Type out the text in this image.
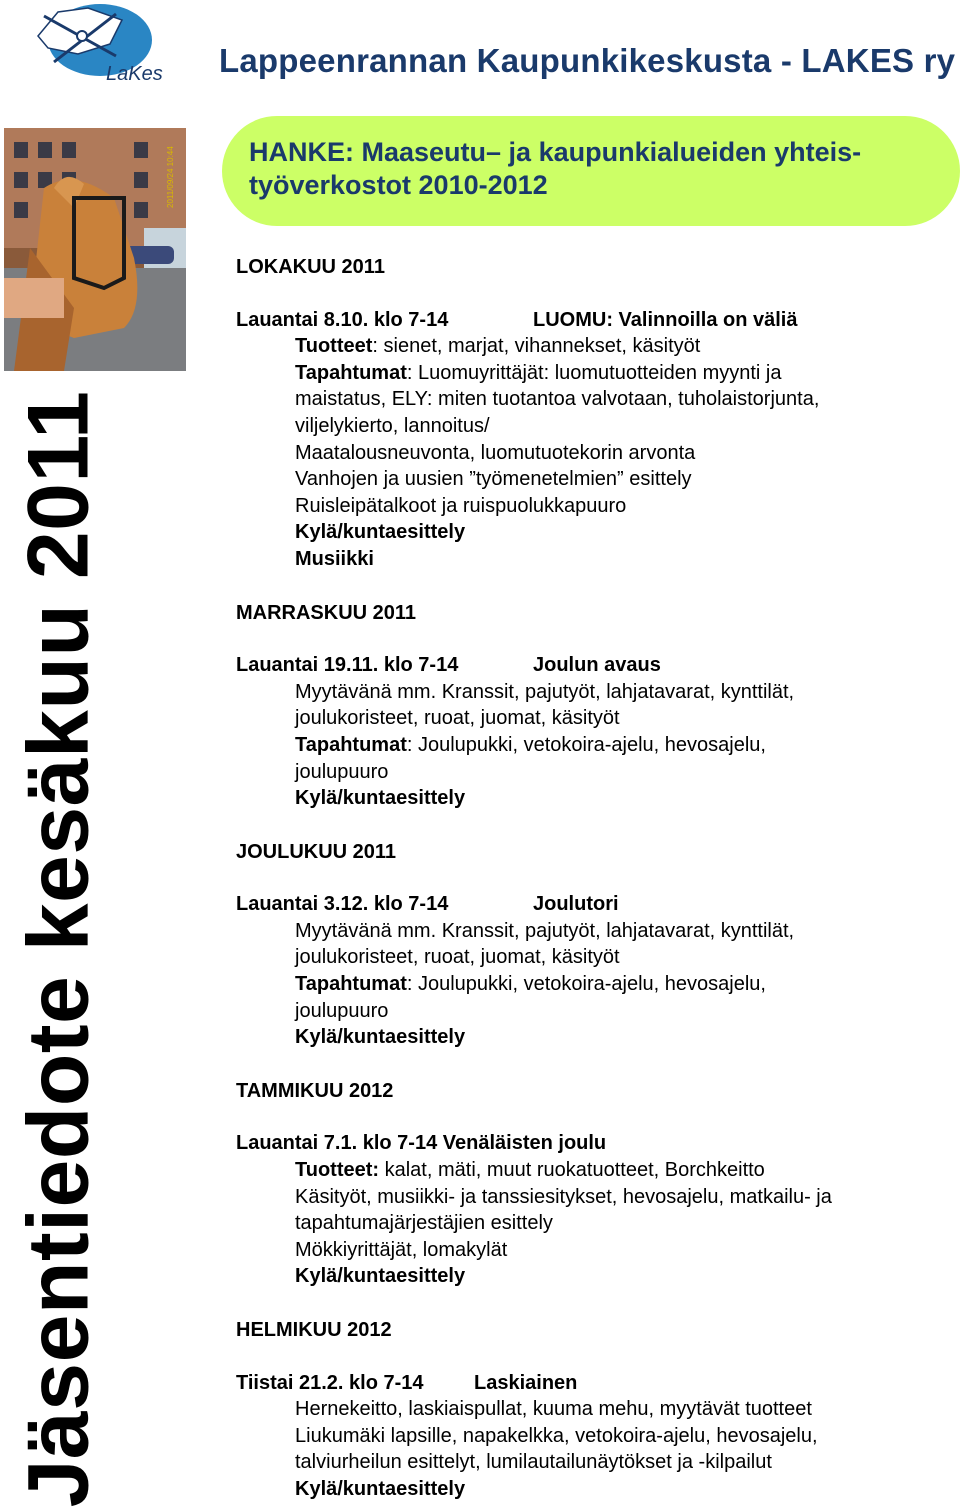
LaKes Lappeenrannan Kaupunkikeskusta - LAKES ry
2011/09/24 10:44	HANKE: Maaseutu– ja kaupunkialueiden yhteis-työverkostot 2010-2012

Jäsentiedote kesäkuu 2011

LOKAKUU 2011

Lauantai 8.10. klo 7-14	LUOMU: Valinnoilla on väliä
Tuotteet: sienet, marjat, vihannekset, käsityöt
Tapahtumat: Luomuyrittäjät: luomutuotteiden myynti ja
maistatus, ELY: miten tuotantoa valvotaan, tuholaistorjunta,
viljelykierto, lannoitus/
Maatalousneuvonta, luomutuotekorin arvonta
Vanhojen ja uusien ”työmenetelmien” esittely
Ruisleipätalkoot ja ruispuolukkapuuro
Kylä/kuntaesittely
Musiikki

MARRASKUU 2011

Lauantai 19.11. klo 7-14	Joulun avaus
Myytävänä mm. Kranssit, pajutyöt, lahjatavarat, kynttilät,
joulukoristeet, ruoat, juomat, käsityöt
Tapahtumat: Joulupukki, vetokoira-ajelu, hevosajelu,
joulupuuro
Kylä/kuntaesittely

JOULUKUU 2011

Lauantai 3.12. klo 7-14	Joulutori
Myytävänä mm. Kranssit, pajutyöt, lahjatavarat, kynttilät,
joulukoristeet, ruoat, juomat, käsityöt
Tapahtumat: Joulupukki, vetokoira-ajelu, hevosajelu,
joulupuuro
Kylä/kuntaesittely

TAMMIKUU 2012

Lauantai 7.1. klo 7-14 Venäläisten joulu
Tuotteet: kalat, mäti, muut ruokatuotteet, Borchkeitto
Käsityöt, musiikki- ja tanssiesitykset, hevosajelu, matkailu- ja
tapahtumajärjestäjien esittely
Mökkiyrittäjät, lomakylät
Kylä/kuntaesittely

HELMIKUU 2012

Tiistai 21.2. klo 7-14	Laskiainen
Hernekeitto, laskiaispullat, kuuma mehu, myytävät tuotteet
Liukumäki lapsille, napakelkka, vetokoira-ajelu, hevosajelu,
talviurheilun esittelyt, lumilautailunäytökset ja -kilpailut
Kylä/kuntaesittely
